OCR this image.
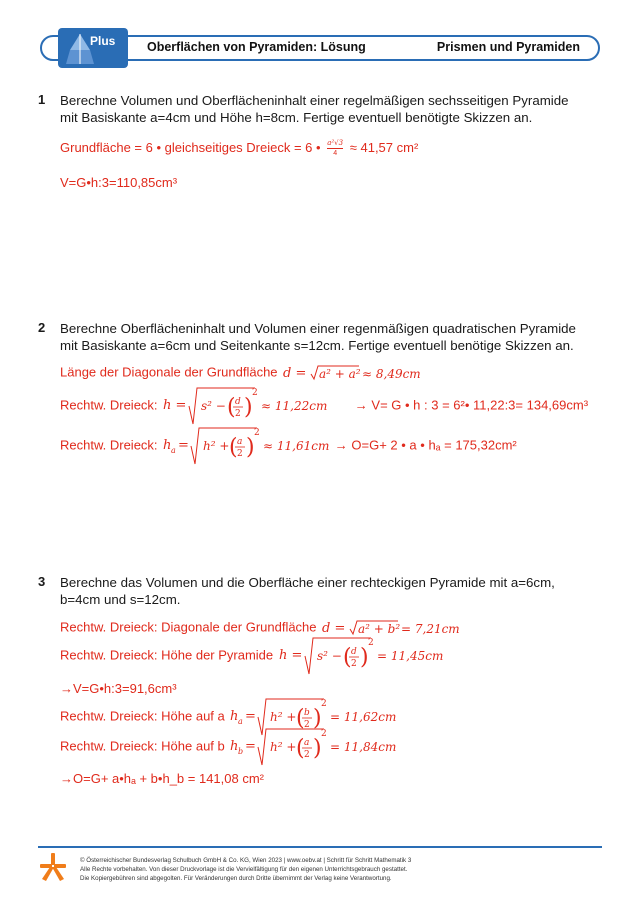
Oberflächen von Pyramiden: Lösung	Prismen und Pyramiden
Plus
1 Berechne Volumen und Oberflächeninhalt einer regelmäßigen sechsseitigen Pyramide mit Basiskante a=4cm und Höhe h=8cm. Fertige eventuell benötigte Skizzen an.
Grundfläche = 6 • gleichseitiges Dreieck = 6 • $\frac{\text{a²√3}}{4} \approx 41,57$ cm²
V=G•h:3=110,85cm³
2 Berechne Oberflächeninhalt und Volumen einer regenmäßigen quadratischen Pyramide mit Basiskante a=6cm und Seitenkante s=12cm. Fertige eventuell benötige Skizzen an.
Länge der Diagonale der Grundfläche d = a² + a² ≈ 8,49cm
Rechtw. Dreieck: h = s² − ( d
2 )
2
≈ 11,22cm → V= G • h : 3 = 6²• 11,22:3= 134,69cm³
Rechtw. Dreieck: h a = h² + ( a
2 )
2
≈ 11,61cm → O=G+ 2 • a • hₐ = 175,32cm²
3 Berechne das Volumen und die Oberfläche einer rechteckigen Pyramide mit a=6cm, b=4cm und s=12cm.
Rechtw. Dreieck: Diagonale der Grundfläche d = a² + b² = 7,21cm
Rechtw. Dreieck: Höhe der Pyramide h = s² − ( d
2 )
2
= 11,45cm
→V=G•h:3=91,6cm³
Rechtw. Dreieck: Höhe auf a h a = h² + ( b
2 )
2
= 11,62cm
Rechtw. Dreieck: Höhe auf b h b = h² + ( a
2 )
2
= 11,84cm
→O=G+ a•hₐ + b•h_b = 141,08 cm²
© Österreichischer Bundesverlag Schulbuch GmbH & Co. KG, Wien 2023 | www.oebv.at | Schritt für Schritt Mathematik 3
Alle Rechte vorbehalten. Von dieser Druckvorlage ist die Vervielfältigung für den eigenen Unterrichtsgebrauch gestattet.
Die Kopiergebühren sind abgegolten. Für Veränderungen durch Dritte übernimmt der Verlag keine Verantwortung.
